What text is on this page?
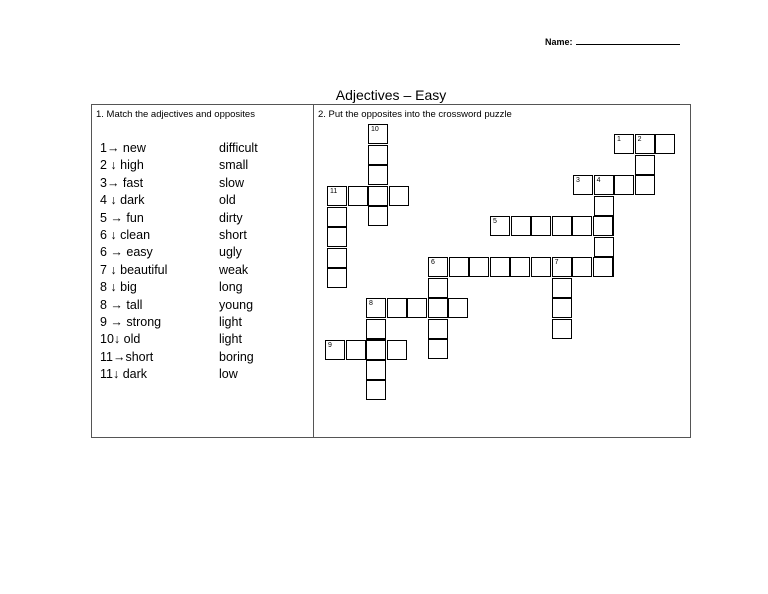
Name:
Adjectives – Easy
1. Match the adjectives and opposites	2. Put the opposites into the crossword puzzle
1→ new	difficult
2 ↓ high	small
3→ fast	slow
4 ↓ dark	old
5 → fun	dirty
6 ↓ clean	short
6 → easy	ugly
7 ↓ beautiful	weak
8 ↓ big	long
8 → tall	young
9 → strong	light
10↓ old	light
11→short	boring
11↓ dark	low
1 2
3 4
5
6	7
8
9
10
11
